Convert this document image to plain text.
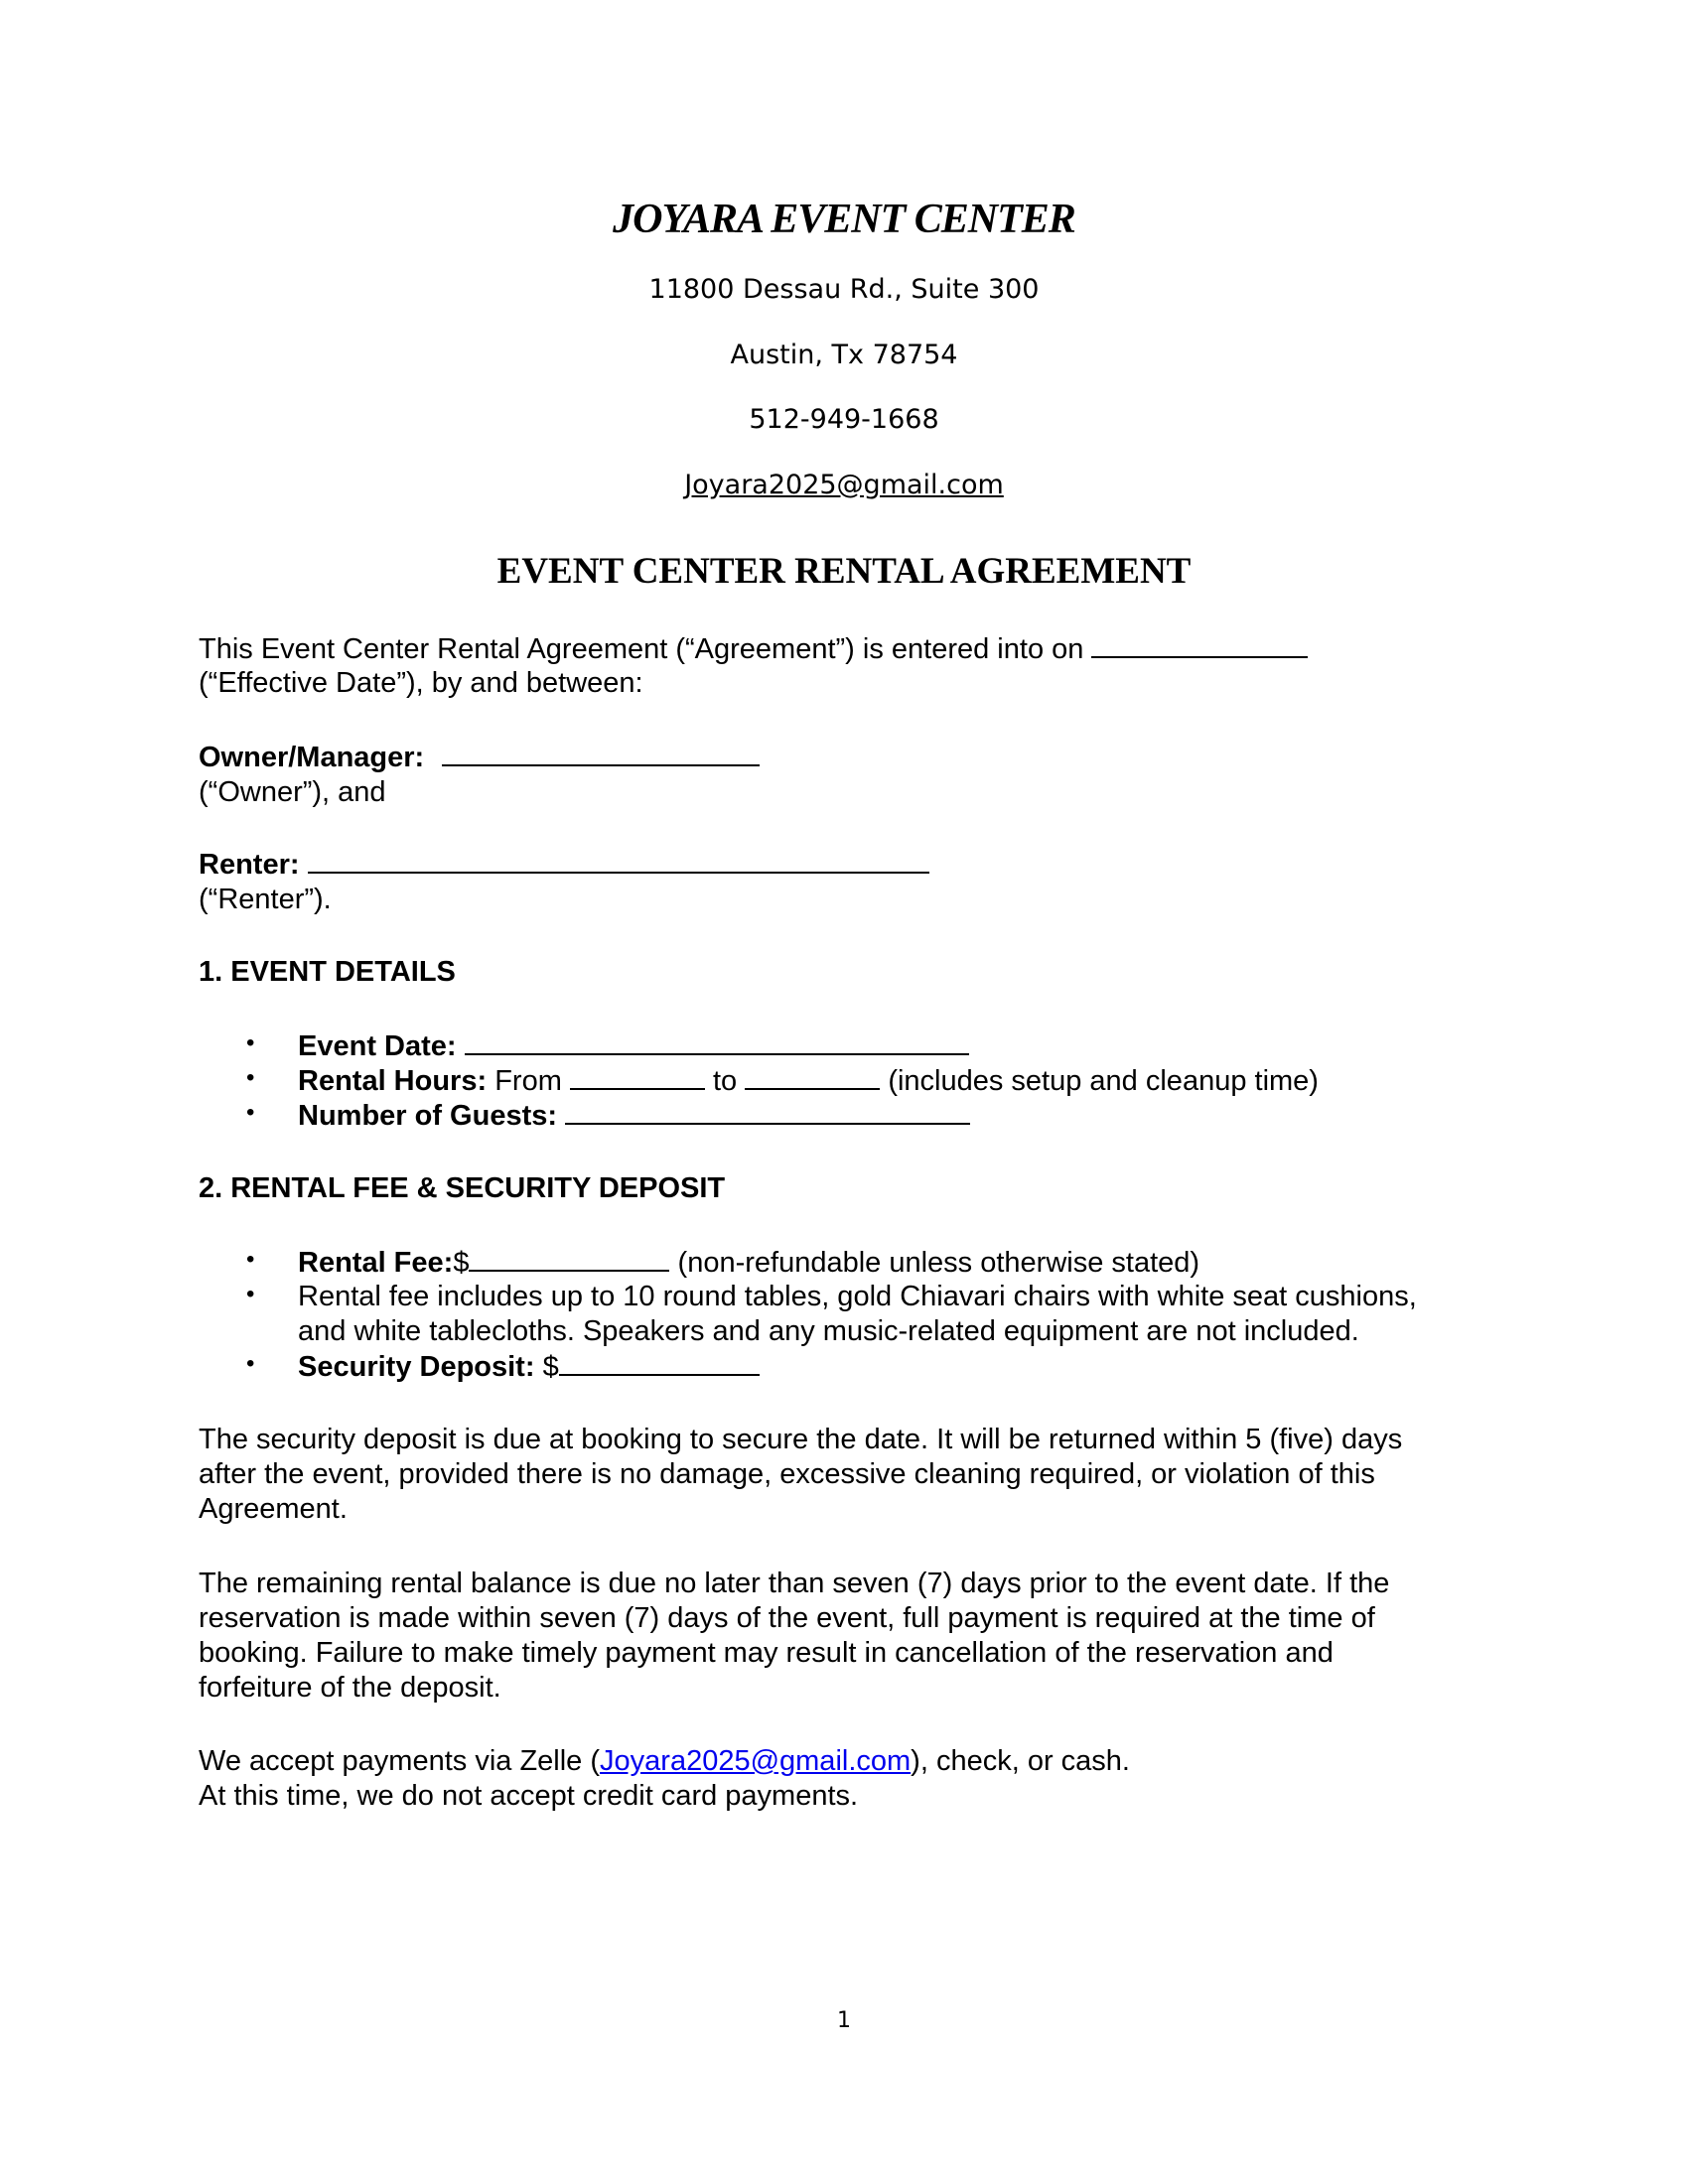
JOYARA EVENT CENTER
11800 Dessau Rd., Suite 300
Austin, Tx 78754
512-949-1668
Joyara2025@gmail.com
EVENT CENTER RENTAL AGREEMENT
This Event Center Rental Agreement (“Agreement”) is entered into on
(“Effective Date”), by and between:
Owner/Manager:
(“Owner”), and
Renter:
(“Renter”).
1. EVENT DETAILS
• Event Date:
• Rental Hours: From	to	(includes setup and cleanup time)
• Number of Guests:
2. RENTAL FEE & SECURITY DEPOSIT
• Rental Fee:$	(non-refundable unless otherwise stated)
• Rental fee includes up to 10 round tables, gold Chiavari chairs with white seat cushions,
and white tablecloths. Speakers and any music-related equipment are not included.
• Security Deposit: $
The security deposit is due at booking to secure the date. It will be returned within 5 (five) days
after the event, provided there is no damage, excessive cleaning required, or violation of this
Agreement.
The remaining rental balance is due no later than seven (7) days prior to the event date. If the
reservation is made within seven (7) days of the event, full payment is required at the time of
booking. Failure to make timely payment may result in cancellation of the reservation and
forfeiture of the deposit.
We accept payments via Zelle (Joyara2025@gmail.com), check, or cash.
At this time, we do not accept credit card payments.
1
